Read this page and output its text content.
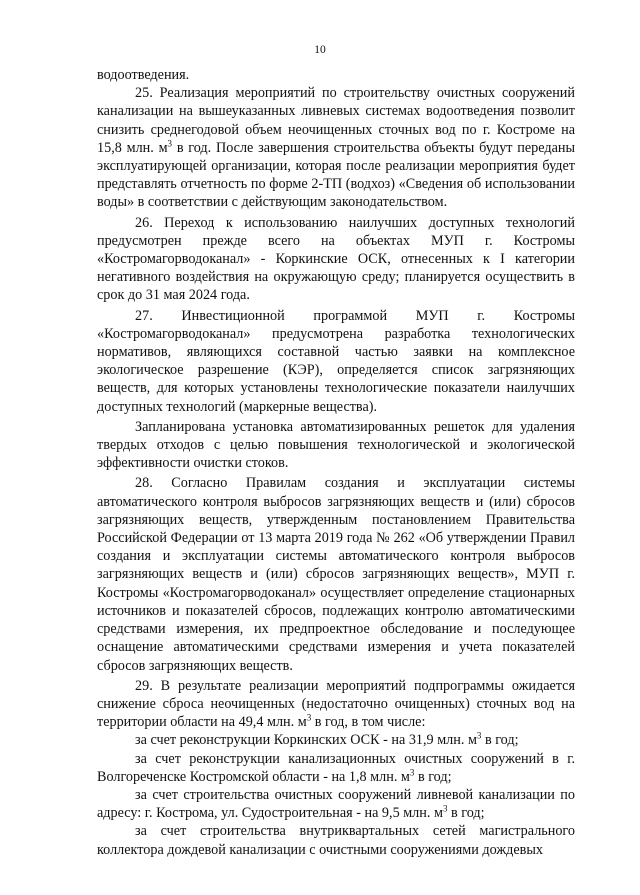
10

водоотведения.

25. Реализация мероприятий по строительству очистных сооружений канализации на вышеуказанных ливневых системах водоотведения позволит снизить среднегодовой объем неочищенных сточных вод по г. Костроме на 15,8 млн. $м^3$ в год. После завершения строительства объекты будут переданы эксплуатирующей организации, которая после реализации мероприятия будет представлять отчетность по форме 2-ТП (водхоз) «Сведения об использовании воды» в соответствии с действующим законодательством.

26. Переход к использованию наилучших доступных технологий предусмотрен прежде всего на объектах МУП г. Костромы «Костромагорводоканал» - Коркинские ОСК, отнесенных к I категории негативного воздействия на окружающую среду; планируется осуществить в срок до 31 мая 2024 года.

27. Инвестиционной программой МУП г. Костромы «Костромагорводоканал» предусмотрена разработка технологических нормативов, являющихся составной частью заявки на комплексное экологическое разрешение (КЭР), определяется список загрязняющих веществ, для которых установлены технологические показатели наилучших доступных технологий (маркерные вещества).

Запланирована установка автоматизированных решеток для удаления твердых отходов с целью повышения технологической и экологической эффективности очистки стоков.

28. Согласно Правилам создания и эксплуатации системы автоматического контроля выбросов загрязняющих веществ и (или) сбросов загрязняющих веществ, утвержденным постановлением Правительства Российской Федерации от 13 марта 2019 года № 262 «Об утверждении Правил создания и эксплуатации системы автоматического контроля выбросов загрязняющих веществ и (или) сбросов загрязняющих веществ», МУП г. Костромы «Костромагорводоканал» осуществляет определение стационарных источников и показателей сбросов, подлежащих контролю автоматическими средствами измерения, их предпроектное обследование и последующее оснащение автоматическими средствами измерения и учета показателей сбросов загрязняющих веществ.

29. В результате реализации мероприятий подпрограммы ожидается снижение сброса неочищенных (недостаточно очищенных) сточных вод на территории области на 49,4 млн. $м^3$ в год, в том числе:

за счет реконструкции Коркинских ОСК - на 31,9 млн. $м^3$ в год;

за счет реконструкции канализационных очистных сооружений в г. Волгореченске Костромской области - на 1,8 млн. $м^3$ в год;

за счет строительства очистных сооружений ливневой канализации по адресу: г. Кострома, ул. Судостроительная - на 9,5 млн. $м^3$ в год;

за счет строительства внутриквартальных сетей магистрального коллектора дождевой канализации с очистными сооружениями дождевых
